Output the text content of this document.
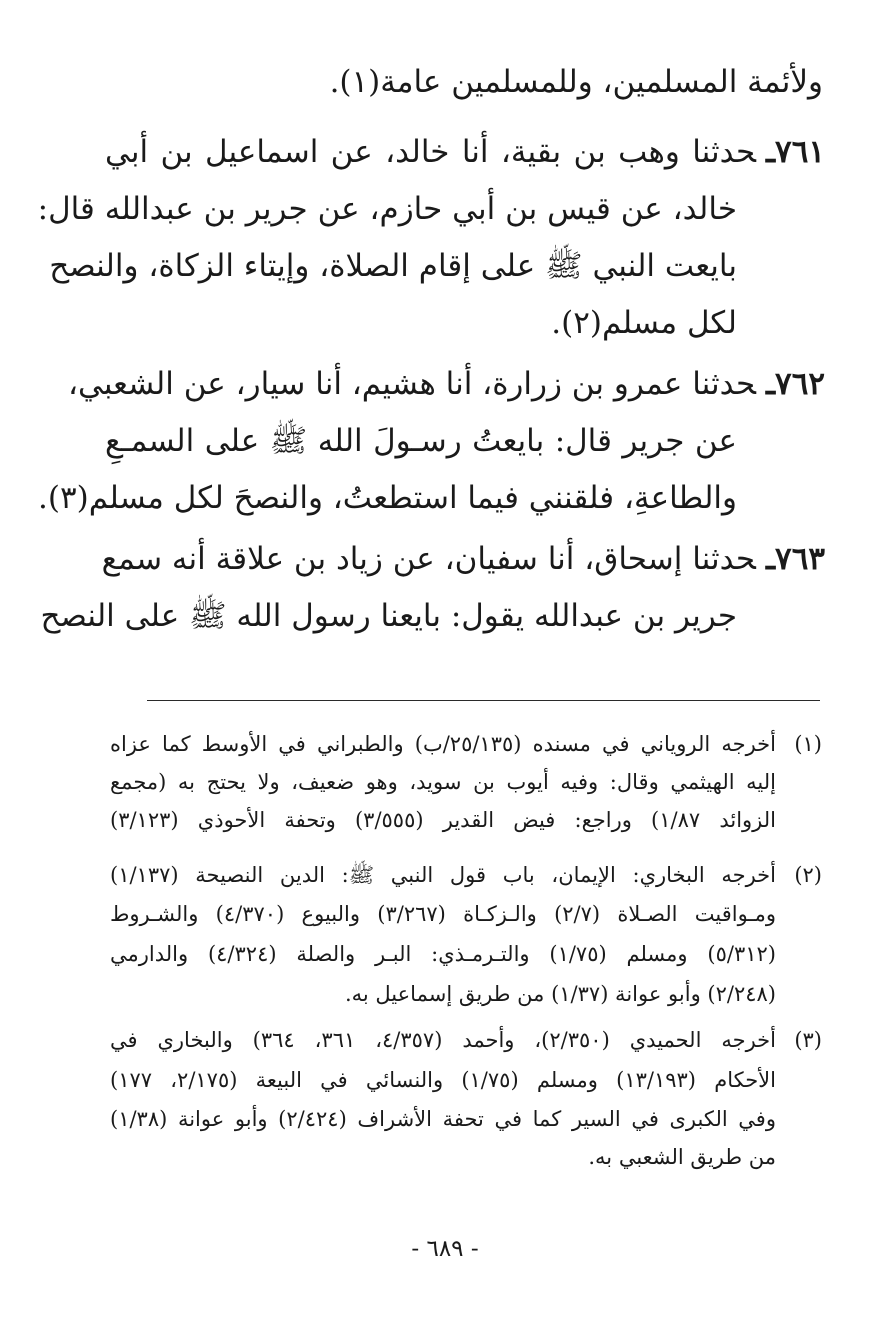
ولأئمة المسلمين، وللمسلمين عامة(١).
٧٦١ـحدثنا وهب بن بقية، أنا خالد، عن اسماعيل بن أبي
خالد، عن قيس بن أبي حازم، عن جرير بن عبدالله قال:
بايعت النبي ﷺ على إقام الصلاة، وإيتاء الزكاة، والنصح
لكل مسلم(٢).
٧٦٢ـحدثنا عمرو بن زرارة، أنا هشيم، أنا سيار، عن الشعبي،
عن جرير قال: بايعتُ رسـولَ الله ﷺ على السمـعِ
والطاعةِ، فلقنني فيما استطعتُ، والنصحَ لكل مسلم(٣).
٧٦٣ـحدثنا إسحاق، أنا سفيان، عن زياد بن علاقة أنه سمع
جرير بن عبدالله يقول: بايعنا رسول الله ﷺ على النصح
(١)أخرجه الروياني في مسنده (٢٥/١٣٥/ب) والطبراني في الأوسط كما عزاه
إليه الهيثمي وقال: وفيه أيوب بن سويد، وهو ضعيف، ولا يحتج به (مجمع
الزوائد ١/٨٧) وراجع: فيض القدير (٣/٥٥٥) وتحفة الأحوذي (٣/١٢٣)
(٢)أخرجه البخاري: الإيمان، باب قول النبي ﷺ: الدين النصيحة (١/١٣٧)
ومـواقيت الصـلاة (٢/٧) والـزكـاة (٣/٢٦٧) والبيوع (٤/٣٧٠) والشـروط
(٥/٣١٢) ومسلم (١/٧٥) والتـرمـذي: البـر والصلة (٤/٣٢٤) والدارمي
(٢/٢٤٨) وأبو عوانة (١/٣٧) من طريق إسماعيل به.
(٣)أخرجه الحميدي (٢/٣٥٠)، وأحمد (٤/٣٥٧، ٣٦١، ٣٦٤) والبخاري في
الأحكام (١٣/١٩٣) ومسلم (١/٧٥) والنسائي في البيعة (٢/١٧٥، ١٧٧)
وفي الكبرى في السير كما في تحفة الأشراف (٢/٤٢٤) وأبو عوانة (١/٣٨)
من طريق الشعبي به.
- ٦٨٩ -
